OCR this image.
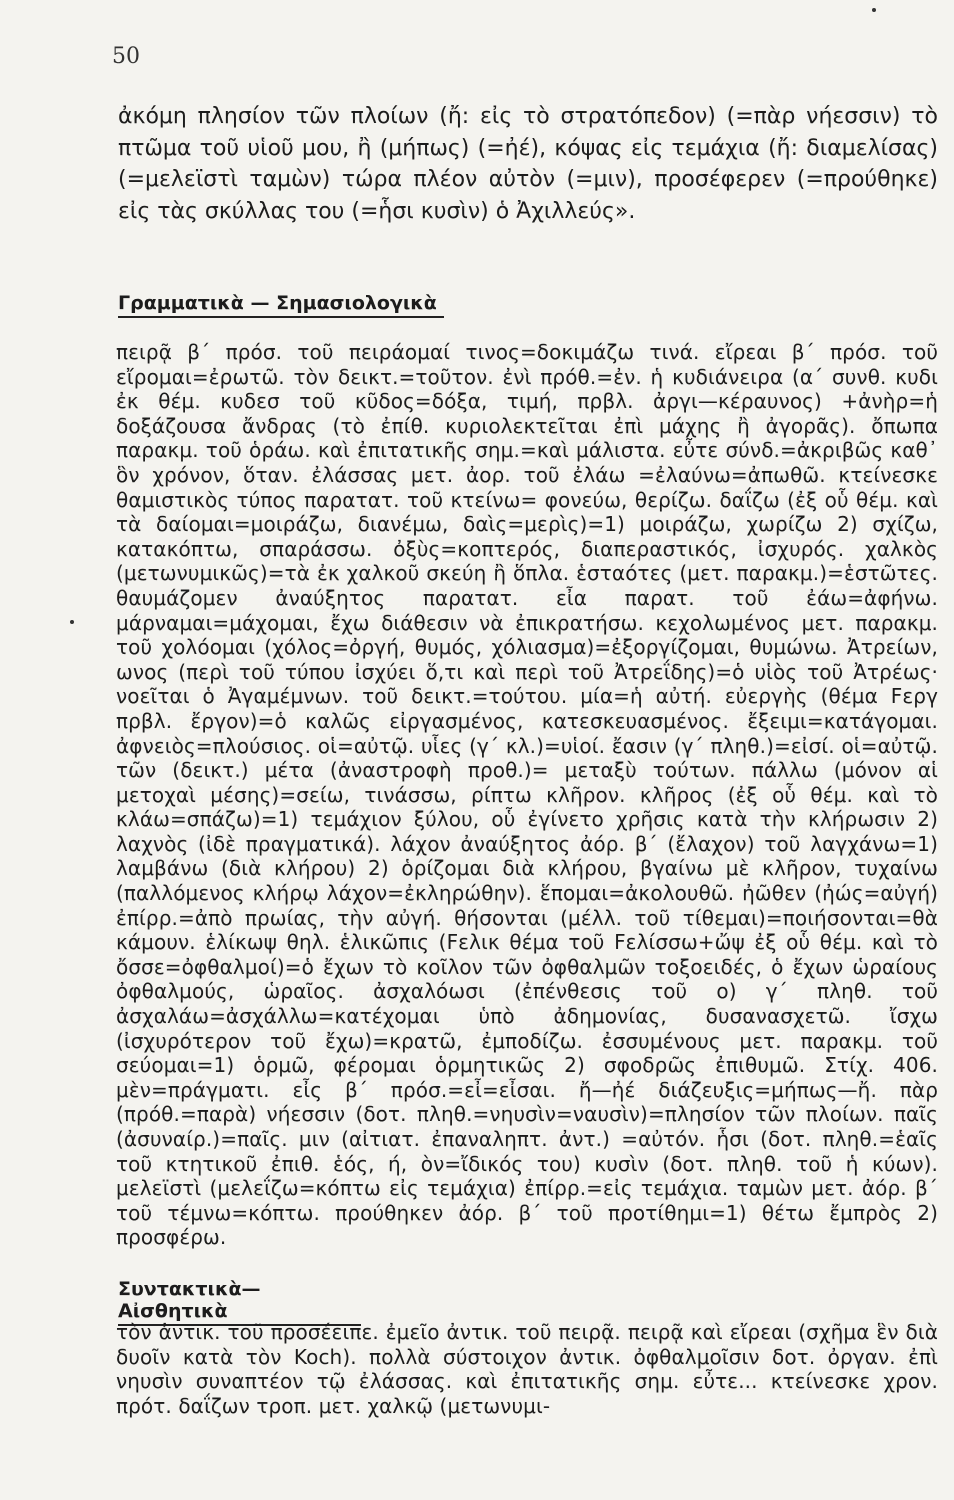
50

ἀκόμη πλησίον τῶν πλοίων (ἤ: εἰς τὸ στρατόπεδον) (=πὰρ νήεσσιν) τὸ πτῶμα τοῦ υἱοῦ μου, ἢ (μήπως) (=ἠέ), κόψας εἰς τεμάχια (ἤ: διαμελίσας) (=μελεϊστὶ ταμὼν) τώρα πλέον αὐτὸν (=μιν), προσέφερεν (=προύθηκε) εἰς τὰς σκύλλας του (=ἧσι κυσὶν) ὁ Ἀχιλλεύς».

Γραμματικὰ — Σημασιολογικὰ

πειρᾷ β΄ πρόσ. τοῦ πειράομαί τινος=δοκιμάζω τινά. εἴρεαι β΄ πρόσ. τοῦ εἴρομαι=ἐρωτῶ. τὸν δεικτ.=τοῦτον. ἐνὶ πρόθ.=ἐν. ἡ κυδιάνειρα (α΄ συνθ. κυδι ἐκ θέμ. κυδεσ τοῦ κῦδος=δόξα, τιμή, πρβλ. ἀργι—κέραυνος) +ἀνὴρ=ἡ δοξάζουσα ἄνδρας (τὸ ἐπίθ. κυριολεκτεῖται ἐπὶ μάχης ἢ ἀγορᾶς). ὄπωπα παρακμ. τοῦ ὁράω. καὶ ἐπιτατικῆς σημ.=καὶ μάλιστα. εὖτε σύνδ.=ἀκριβῶς καθ᾽ ὃν χρόνον, ὅταν. ἐλάσσας μετ. ἀορ. τοῦ ἐλάω =ἐλαύνω=ἀπωθῶ. κτείνεσκε θαμιστικὸς τύπος παρατατ. τοῦ κτείνω= φονεύω, θερίζω. δαΐζω (ἐξ οὗ θέμ. καὶ τὰ δαίομαι=μοιράζω, διανέμω, δαὶς=μερὶς)=1) μοιράζω, χωρίζω 2) σχίζω, κατακόπτω, σπαράσσω. ὀξὺς=κοπτερός, διαπεραστικός, ἰσχυρός. χαλκὸς (μετωνυμικῶς)=τὰ ἐκ χαλκοῦ σκεύη ἢ ὅπλα. ἑσταότες (μετ. παρακμ.)=ἑστῶτες. θαυμάζομεν ἀναύξητος παρατατ. εἶα παρατ. τοῦ ἐάω=ἀφήνω. μάρναμαι=μάχομαι, ἔχω διάθεσιν νὰ ἐπικρατήσω. κεχολωμένος μετ. παρακμ. τοῦ χολόομαι (χόλος=ὀργή, θυμός, χόλιασμα)=ἐξοργίζομαι, θυμώνω. Ἀτρείων, ωνος (περὶ τοῦ τύπου ἰσχύει ὅ,τι καὶ περὶ τοῦ Ἀτρεΐδης)=ὁ υἱὸς τοῦ Ἀτρέως· νοεῖται ὁ Ἀγαμέμνων. τοῦ δεικτ.=τούτου. μία=ἡ αὐτή. εὐεργὴς (θέμα Fεργ πρβλ. ἔργον)=ὁ καλῶς εἰργασμένος, κατεσκευασμένος. ἔξειμι=κατάγομαι. ἀφνειὸς=πλούσιος. οἱ=αὐτῷ. υἷες (γ΄ κλ.)=υἱοί. ἔασιν (γ΄ πληθ.)=εἰσί. οἱ=αὐτῷ. τῶν (δεικτ.) μέτα (ἀναστροφὴ προθ.)= μεταξὺ τούτων. πάλλω (μόνον αἱ μετοχαὶ μέσης)=σείω, τινάσσω, ρίπτω κλῆρον. κλῆρος (ἐξ οὗ θέμ. καὶ τὸ κλάω=σπάζω)=1) τεμάχιον ξύλου, οὗ ἐγίνετο χρῆσις κατὰ τὴν κλήρωσιν 2) λαχνὸς (ἰδὲ πραγματικά). λάχον ἀναύξητος ἀόρ. β΄ (ἔλαχον) τοῦ λαγχάνω=1) λαμβάνω (διὰ κλήρου) 2) ὁρίζομαι διὰ κλήρου, βγαίνω μὲ κλῆρον, τυχαίνω (παλλόμενος κλήρῳ λάχον=ἐκληρώθην). ἕπομαι=ἀκολουθῶ. ἠῶθεν (ἠώς=αὐγή) ἐπίρρ.=ἀπὸ πρωίας, τὴν αὐγή. θήσονται (μέλλ. τοῦ τίθεμαι)=ποιήσονται=θὰ κάμουν. ἑλίκωψ θηλ. ἑλικῶπις (Fελικ θέμα τοῦ Fελίσσω+ὤψ ἐξ οὗ θέμ. καὶ τὸ ὄσσε=ὀφθαλμοί)=ὁ ἔχων τὸ κοῖλον τῶν ὀφθαλμῶν τοξοειδές, ὁ ἔχων ὡραίους ὀφθαλμούς, ὡραῖος. ἀσχαλόωσι (ἐπένθεσις τοῦ ο) γ΄ πληθ. τοῦ ἀσχαλάω=ἀσχάλλω=κατέχομαι ὑπὸ ἀδημονίας, δυσανασχετῶ. ἴσχω (ἰσχυρότερον τοῦ ἔχω)=κρατῶ, ἐμποδίζω. ἐσσυμένους μετ. παρακμ. τοῦ σεύομαι=1) ὁρμῶ, φέρομαι ὁρμητικῶς 2) σφοδρῶς ἐπιθυμῶ. Στίχ. 406. μὲν=πράγματι. εἶς β΄ πρόσ.=εἶ=εἶσαι. ἤ—ἠέ διάζευξις=μήπως—ἤ. πὰρ (πρόθ.=παρὰ) νήεσσιν (δοτ. πληθ.=νηυσὶν=ναυσὶν)=πλησίον τῶν πλοίων. παῖς (ἀσυναίρ.)=παῖς. μιν (αἰτιατ. ἐπαναληπτ. ἀντ.) =αὐτόν. ἧσι (δοτ. πληθ.=ἑαῖς τοῦ κτητικοῦ ἐπιθ. ἑός, ή, ὸν=ἴδικός του) κυσὶν (δοτ. πληθ. τοῦ ἡ κύων). μελεϊστὶ (μελεΐζω=κόπτω εἰς τεμάχια) ἐπίρρ.=εἰς τεμάχια. ταμὼν μετ. ἀόρ. β΄ τοῦ τέμνω=κόπτω. προύθηκεν ἀόρ. β΄ τοῦ προτίθημι=1) θέτω ἔμπρὸς 2) προσφέρω.

Συντακτικὰ—Αἰσθητικὰ

τὸν ἀντικ. τοῦ προσέειπε. ἐμεῖο ἀντικ. τοῦ πειρᾷ. πειρᾷ καὶ εἴρεαι (σχῆμα ἓν διὰ δυοῖν κατὰ τὸν Koch). πολλὰ σύστοιχον ἀντικ. ὀφθαλμοῖσιν δοτ. ὀργαν. ἐπὶ νηυσὶν συναπτέον τῷ ἐλάσσας. καὶ ἐπιτατικῆς σημ. εὖτε... κτείνεσκε χρον. πρότ. δαΐζων τροπ. μετ. χαλκῷ (μετωνυμι-
